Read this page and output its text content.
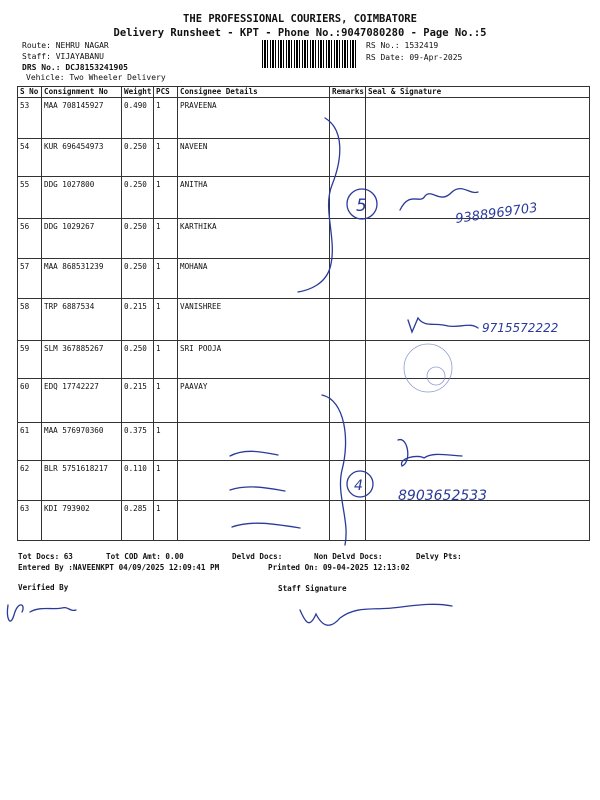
THE PROFESSIONAL COURIERS, COIMBATORE
Delivery Runsheet - KPT - Phone No.:9047080280 - Page No.:5
Route: NEHRU NAGAR
Staff: VIJAYABANU
DRS No.: DCJ8153241905
Vehicle: Two Wheeler Delivery
RS No.: 1532419
RS Date: 09-Apr-2025
S No	Consignment No	Weight	PCS	Consignee Details	Remarks	Seal & Signature
53	MAA 708145927	0.490	1	PRAVEENA		
54	KUR 696454973	0.250	1	NAVEEN		
55	DDG 1027800	0.250	1	ANITHA		
56	DDG 1029267	0.250	1	KARTHIKA		
57	MAA 868531239	0.250	1	MOHANA		
58	TRP 6887534	0.215	1	VANISHREE		
59	SLM 367885267	0.250	1	SRI POOJA		
60	EDQ 17742227	0.215	1	PAAVAY		
61	MAA 576970360	0.375	1			
62	BLR 5751618217	0.110	1			
63	KDI 793902	0.285	1			
Tot Docs: 63	Tot COD Amt: 0.00	Delvd Docs:	Non Delvd Docs:	Delvy Pts:
Entered By :NAVEENKPT 04/09/2025 12:09:41 PM	Printed On: 09-04-2025 12:13:02
Verified By	Staff Signature
5	9388969703
9715572222
4
8903652533
